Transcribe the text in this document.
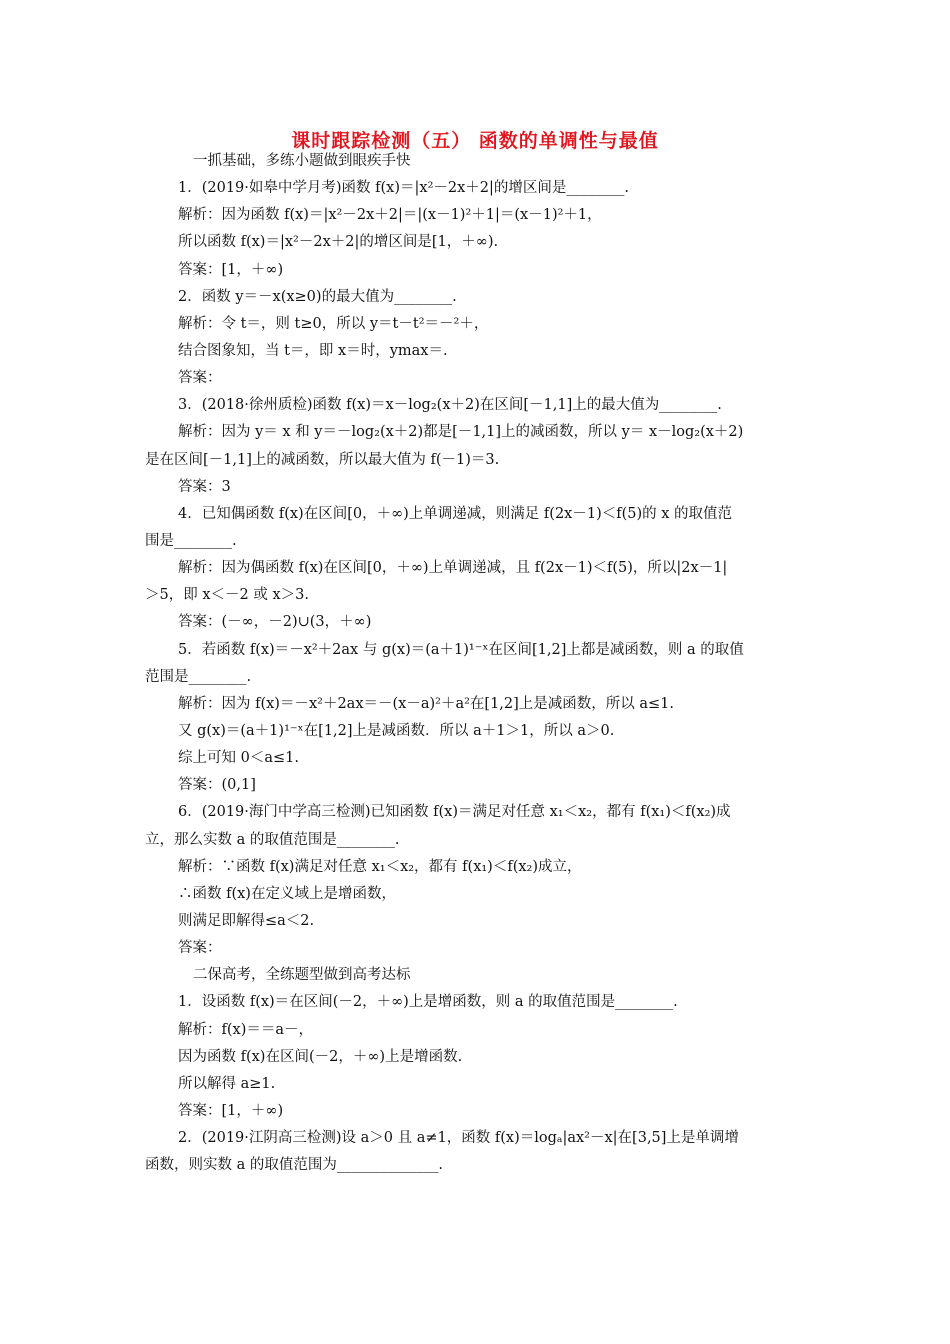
课时跟踪检测（五） 函数的单调性与最值
一抓基础，多练小题做到眼疾手快
1．(2019·如皋中学月考)函数 f(x)＝|x²－2x＋2|的增区间是________.
解析：因为函数 f(x)＝|x²－2x＋2|＝|(x－1)²＋1|＝(x－1)²＋1，
所以函数 f(x)＝|x²－2x＋2|的增区间是[1，＋∞).
答案：[1，＋∞)
2．函数 y＝－x(x≥0)的最大值为________.
解析：令 t＝，则 t≥0，所以 y＝t－t²＝－²＋，
结合图象知，当 t＝，即 x＝时，ymax＝.
答案：
3．(2018·徐州质检)函数 f(x)＝x－log₂(x＋2)在区间[－1,1]上的最大值为________.
解析：因为 y＝ x 和 y＝－log₂(x＋2)都是[－1,1]上的减函数，所以 y＝ x－log₂(x＋2)
是在区间[－1,1]上的减函数，所以最大值为 f(－1)＝3.
答案：3
4．已知偶函数 f(x)在区间[0，＋∞)上单调递减，则满足 f(2x－1)＜f(5)的 x 的取值范
围是________.
解析：因为偶函数 f(x)在区间[0，＋∞)上单调递减，且 f(2x－1)＜f(5)，所以|2x－1|
＞5，即 x＜－2 或 x＞3.
答案：(－∞，－2)∪(3，＋∞)
5．若函数 f(x)＝－x²＋2ax 与 g(x)＝(a＋1)¹⁻ˣ在区间[1,2]上都是减函数，则 a 的取值
范围是________.
解析：因为 f(x)＝－x²＋2ax＝－(x－a)²＋a²在[1,2]上是减函数，所以 a≤1.
又 g(x)＝(a＋1)¹⁻ˣ在[1,2]上是减函数．所以 a＋1＞1，所以 a＞0.
综上可知 0＜a≤1.
答案：(0,1]
6．(2019·海门中学高三检测)已知函数 f(x)＝满足对任意 x₁＜x₂，都有 f(x₁)＜f(x₂)成
立，那么实数 a 的取值范围是________.
解析：∵函数 f(x)满足对任意 x₁＜x₂，都有 f(x₁)＜f(x₂)成立，
∴函数 f(x)在定义域上是增函数，
则满足即解得≤a＜2.
答案：
二保高考，全练题型做到高考达标
1．设函数 f(x)＝在区间(－2，＋∞)上是增函数，则 a 的取值范围是________.
解析：f(x)＝＝a－，
因为函数 f(x)在区间(－2，＋∞)上是增函数.
所以解得 a≥1.
答案：[1，＋∞)
2．(2019·江阴高三检测)设 a＞0 且 a≠1，函数 f(x)＝logₐ|ax²－x|在[3,5]上是单调增
函数，则实数 a 的取值范围为______________.
